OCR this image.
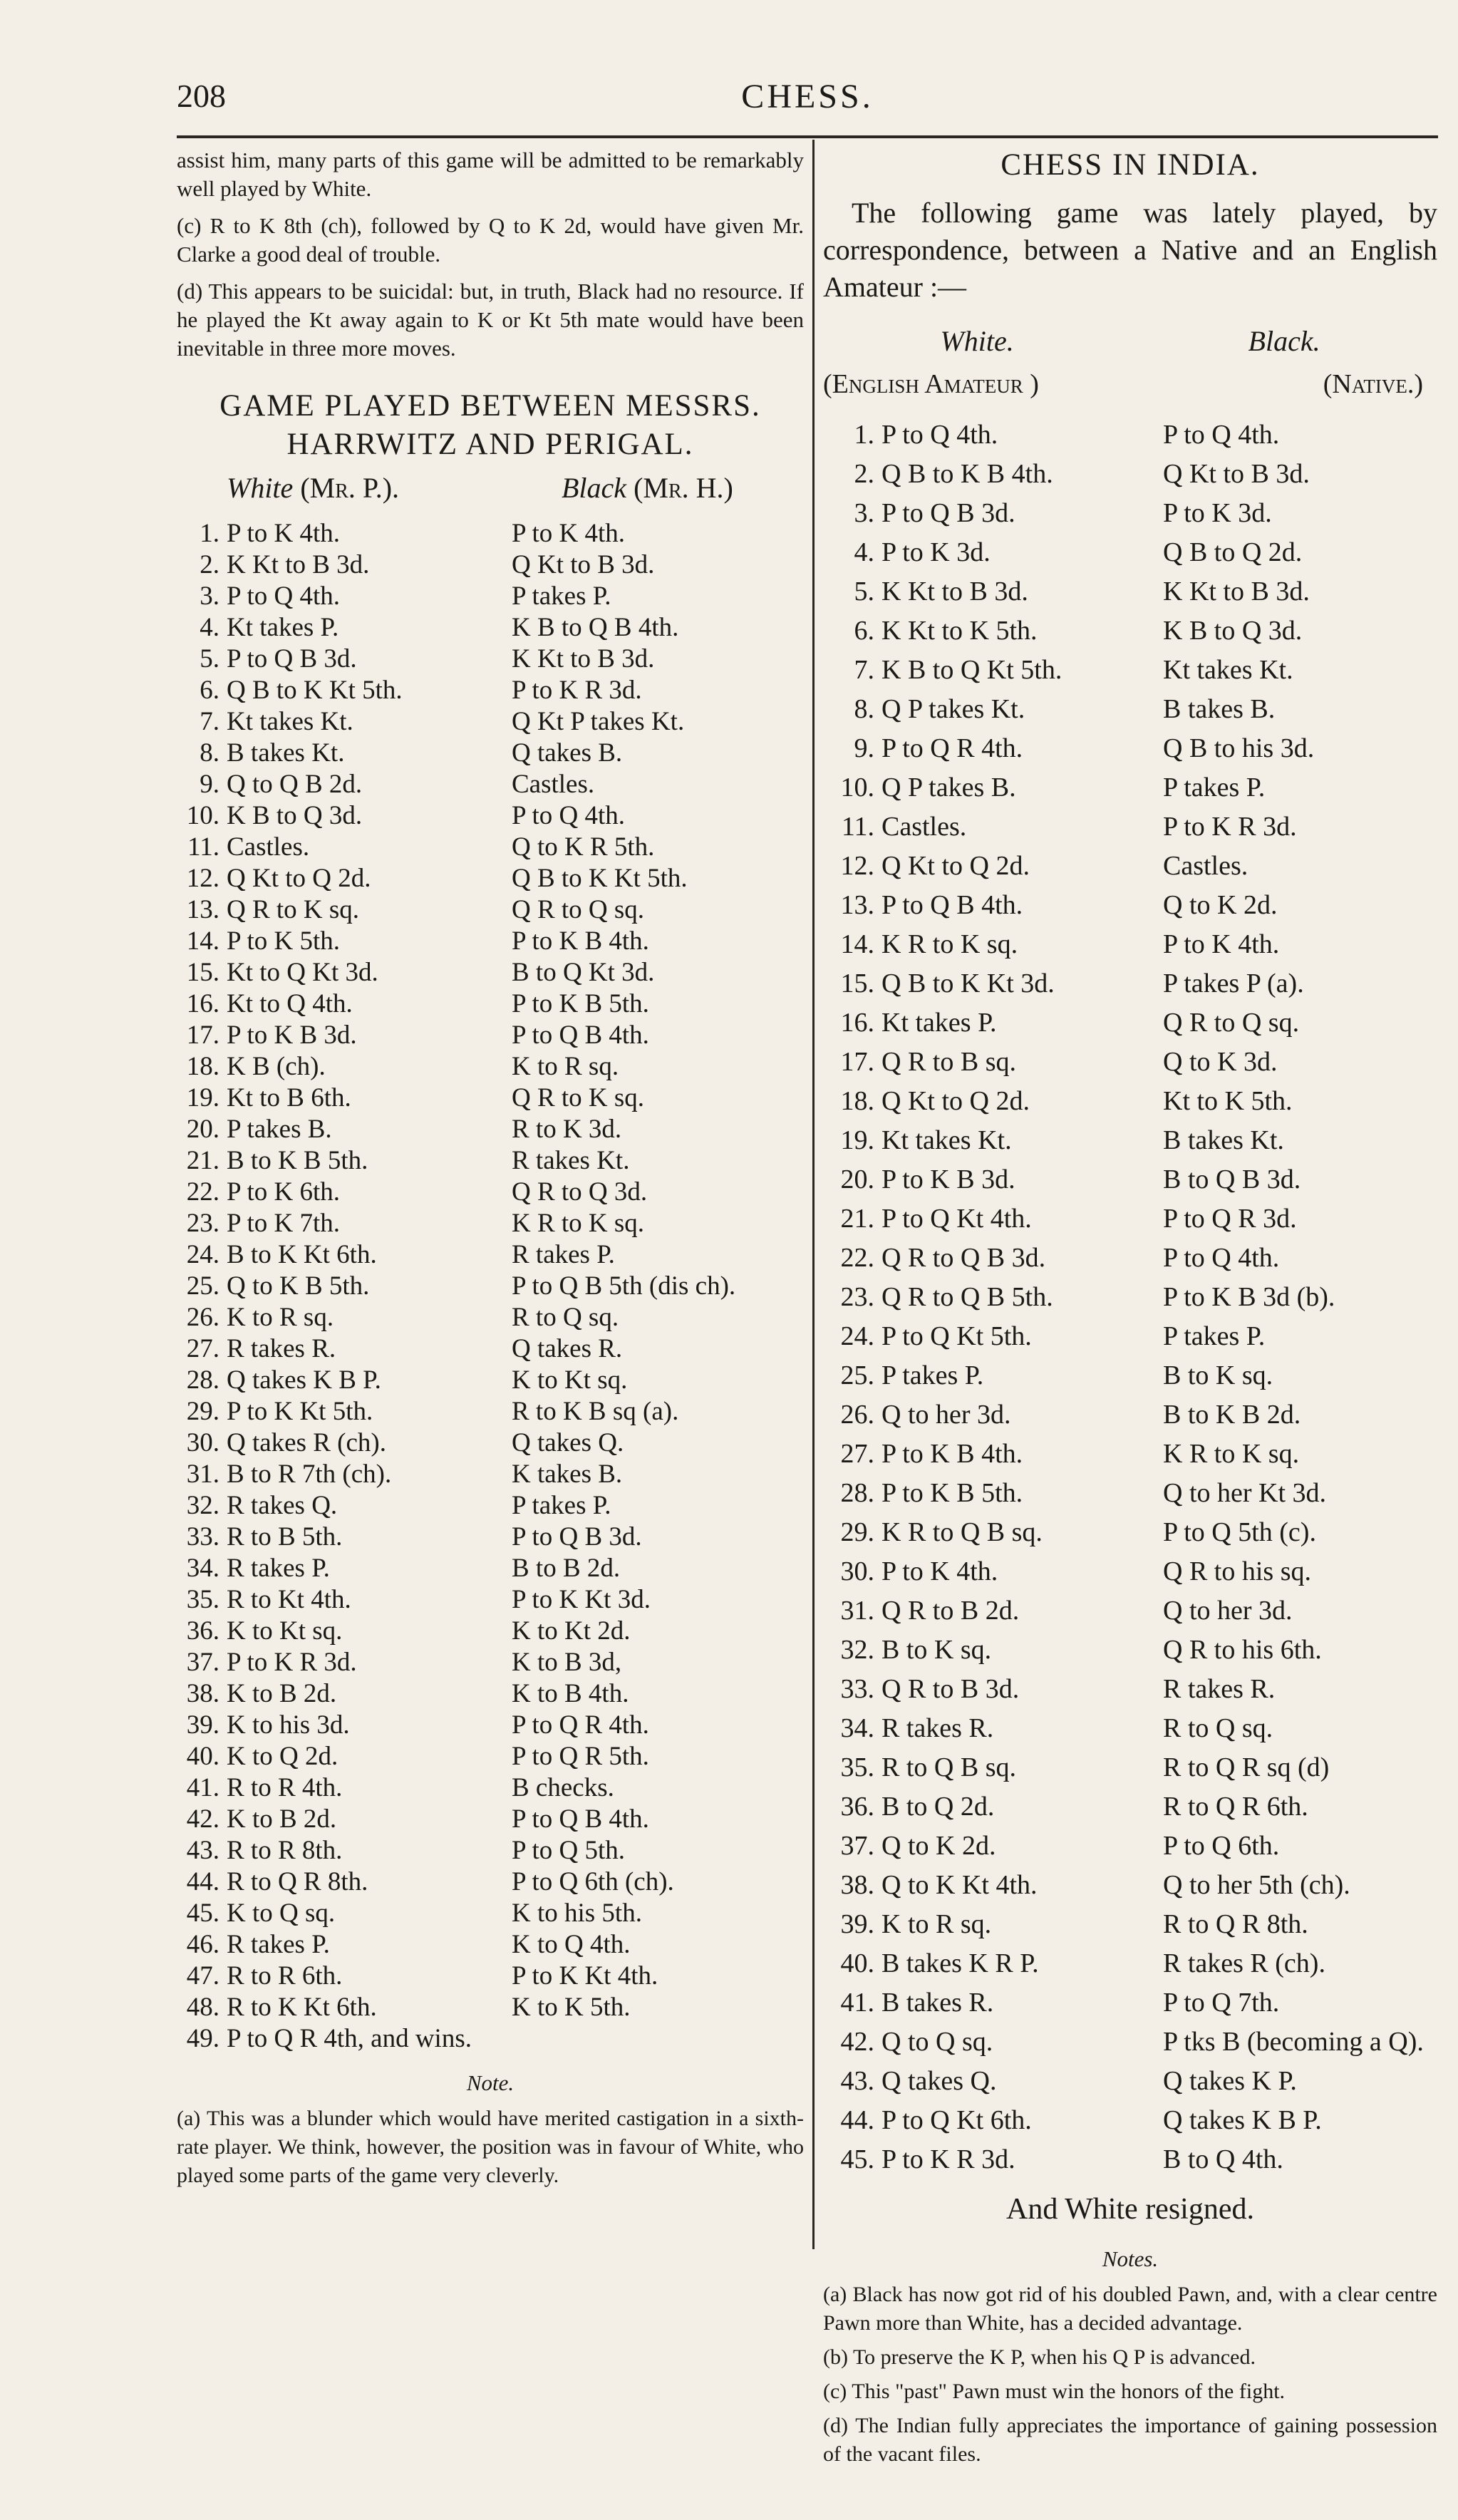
208	CHESS.

assist him, many parts of this game will be admitted to be remarkably well played by White.

(c) R to K 8th (ch), followed by Q to K 2d, would have given Mr. Clarke a good deal of trouble.

(d) This appears to be suicidal: but, in truth, Black had no resource. If he played the Kt away again to K or Kt 5th mate would have been inevitable in three more moves.

GAME PLAYED BETWEEN MESSRS.

HARRWITZ AND PERIGAL.

White (Mr. P.).	Black (Mr. H.)
1. P to K 4th.	P to K 4th.
2. K Kt to B 3d.	Q Kt to B 3d.
3. P to Q 4th.	P takes P.
4. Kt takes P.	K B to Q B 4th.
5. P to Q B 3d.	K Kt to B 3d.
6. Q B to K Kt 5th.	P to K R 3d.
7. Kt takes Kt.	Q Kt P takes Kt.
8. B takes Kt.	Q takes B.
9. Q to Q B 2d.	Castles.
10. K B to Q 3d.	P to Q 4th.
11. Castles.	Q to K R 5th.
12. Q Kt to Q 2d.	Q B to K Kt 5th.
13. Q R to K sq.	Q R to Q sq.
14. P to K 5th.	P to K B 4th.
15. Kt to Q Kt 3d.	B to Q Kt 3d.
16. Kt to Q 4th.	P to K B 5th.
17. P to K B 3d.	P to Q B 4th.
18. K B (ch).	K to R sq.
19. Kt to B 6th.	Q R to K sq.
20. P takes B.	R to K 3d.
21. B to K B 5th.	R takes Kt.
22. P to K 6th.	Q R to Q 3d.
23. P to K 7th.	K R to K sq.
24. B to K Kt 6th.	R takes P.
25. Q to K B 5th.	P to Q B 5th (dis ch).
26. K to R sq.	R to Q sq.
27. R takes R.	Q takes R.
28. Q takes K B P.	K to Kt sq.
29. P to K Kt 5th.	R to K B sq (a).
30. Q takes R (ch).	Q takes Q.
31. B to R 7th (ch).	K takes B.
32. R takes Q.	P takes P.
33. R to B 5th.	P to Q B 3d.
34. R takes P.	B to B 2d.
35. R to Kt 4th.	P to K Kt 3d.
36. K to Kt sq.	K to Kt 2d.
37. P to K R 3d.	K to B 3d,
38. K to B 2d.	K to B 4th.
39. K to his 3d.	P to Q R 4th.
40. K to Q 2d.	P to Q R 5th.
41. R to R 4th.	B checks.
42. K to B 2d.	P to Q B 4th.
43. R to R 8th.	P to Q 5th.
44. R to Q R 8th.	P to Q 6th (ch).
45. K to Q sq.	K to his 5th.
46. R takes P.	K to Q 4th.
47. R to R 6th.	P to K Kt 4th.
48. R to K Kt 6th.	K to K 5th.
49. P to Q R 4th, and wins.
Note.

(a) This was a blunder which would have merited castigation in a sixth-rate player. We think, however, the position was in favour of White, who played some parts of the game very cleverly.

CHESS IN INDIA.

The following game was lately played, by correspondence, between a Native and an English Amateur :—

White.	Black.
(English Amateur )	(Native.)
1. P to Q 4th.	P to Q 4th.
2. Q B to K B 4th.	Q Kt to B 3d.
3. P to Q B 3d.	P to K 3d.
4. P to K 3d.	Q B to Q 2d.
5. K Kt to B 3d.	K Kt to B 3d.
6. K Kt to K 5th.	K B to Q 3d.
7. K B to Q Kt 5th.	Kt takes Kt.
8. Q P takes Kt.	B takes B.
9. P to Q R 4th.	Q B to his 3d.
10. Q P takes B.	P takes P.
11. Castles.	P to K R 3d.
12. Q Kt to Q 2d.	Castles.
13. P to Q B 4th.	Q to K 2d.
14. K R to K sq.	P to K 4th.
15. Q B to K Kt 3d.	P takes P (a).
16. Kt takes P.	Q R to Q sq.
17. Q R to B sq.	Q to K 3d.
18. Q Kt to Q 2d.	Kt to K 5th.
19. Kt takes Kt.	B takes Kt.
20. P to K B 3d.	B to Q B 3d.
21. P to Q Kt 4th.	P to Q R 3d.
22. Q R to Q B 3d.	P to Q 4th.
23. Q R to Q B 5th.	P to K B 3d (b).
24. P to Q Kt 5th.	P takes P.
25. P takes P.	B to K sq.
26. Q to her 3d.	B to K B 2d.
27. P to K B 4th.	K R to K sq.
28. P to K B 5th.	Q to her Kt 3d.
29. K R to Q B sq.	P to Q 5th (c).
30. P to K 4th.	Q R to his sq.
31. Q R to B 2d.	Q to her 3d.
32. B to K sq.	Q R to his 6th.
33. Q R to B 3d.	R takes R.
34. R takes R.	R to Q sq.
35. R to Q B sq.	R to Q R sq (d)
36. B to Q 2d.	R to Q R 6th.
37. Q to K 2d.	P to Q 6th.
38. Q to K Kt 4th.	Q to her 5th (ch).
39. K to R sq.	R to Q R 8th.
40. B takes K R P.	R takes R (ch).
41. B takes R.	P to Q 7th.
42. Q to Q sq.	P tks B (becoming a Q).
43. Q takes Q.	Q takes K P.
44. P to Q Kt 6th.	Q takes K B P.
45. P to K R 3d.	B to Q 4th.
And White resigned.
Notes.

(a) Black has now got rid of his doubled Pawn, and, with a clear centre Pawn more than White, has a decided advantage.

(b) To preserve the K P, when his Q P is advanced.

(c) This "past" Pawn must win the honors of the fight.

(d) The Indian fully appreciates the importance of gaining possession of the vacant files.
